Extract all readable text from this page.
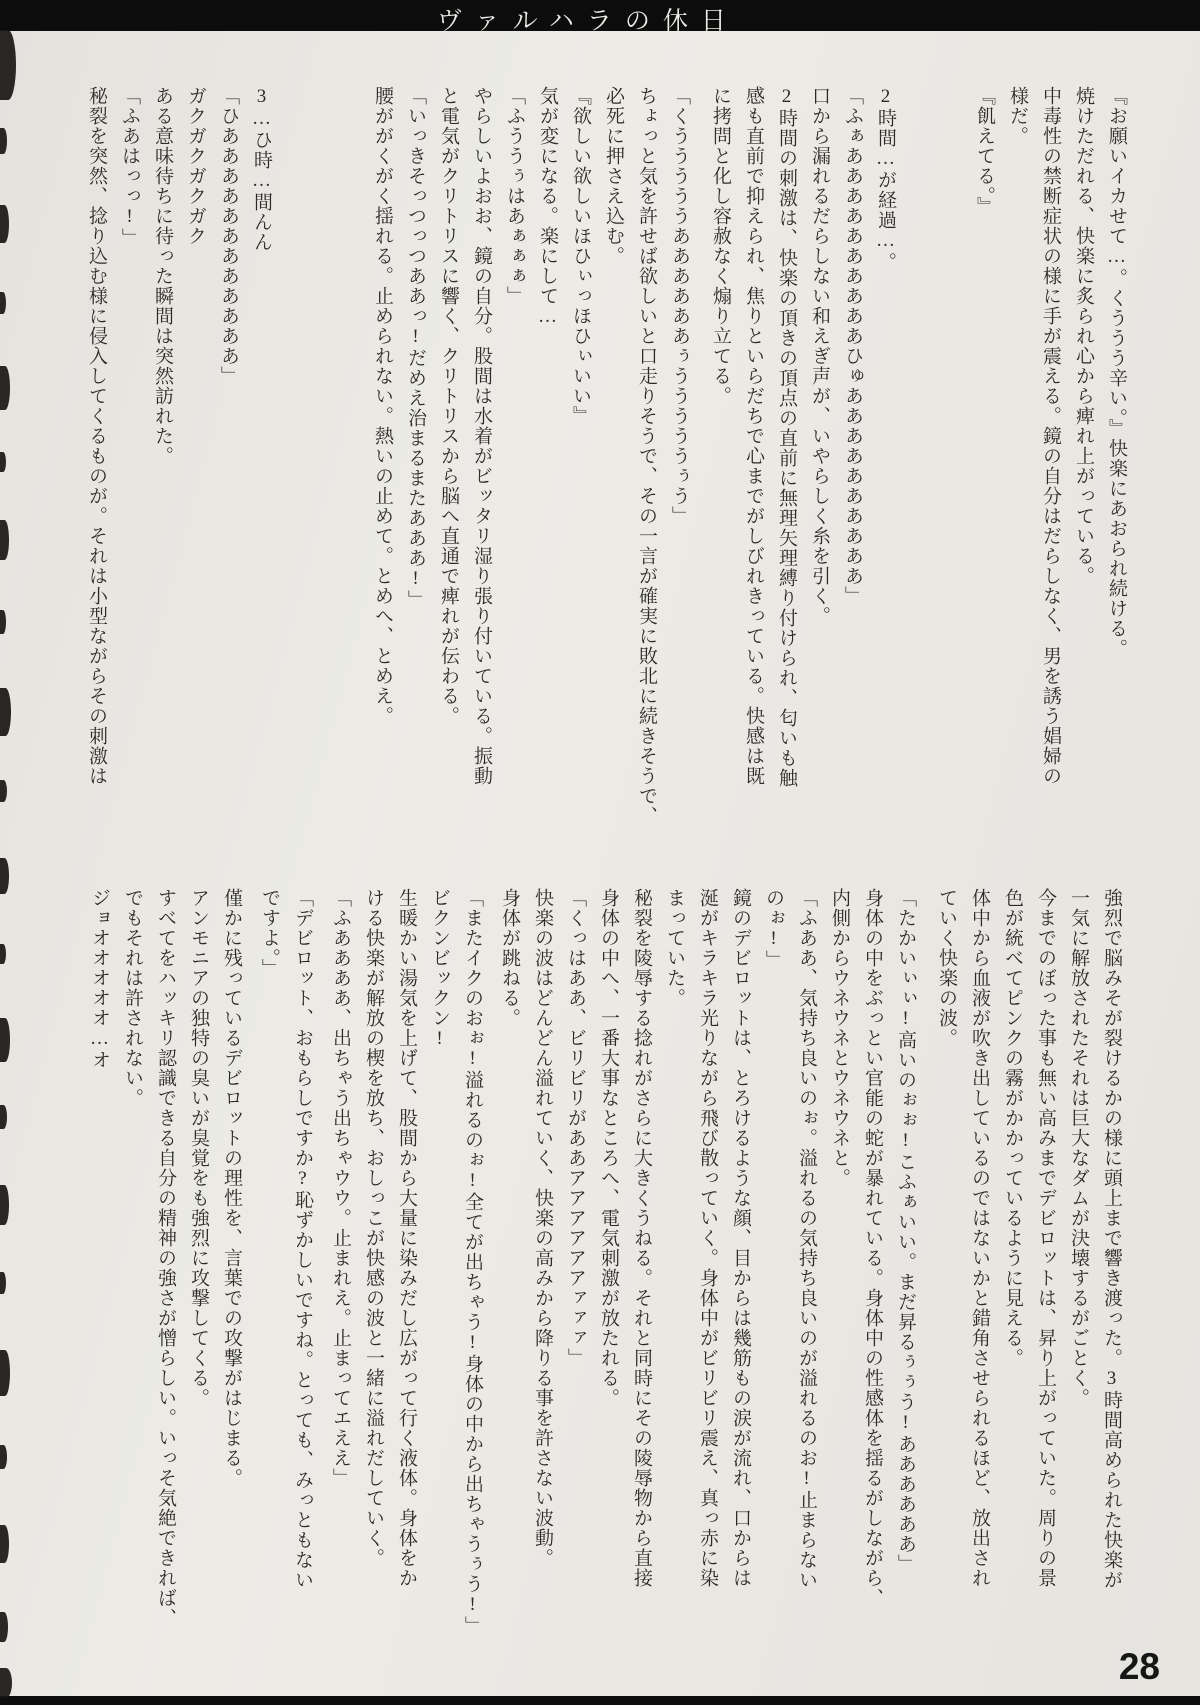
ヴァルハラの休日
『お願いイカせて…。くううう辛い。』快楽にあおられ続ける。
焼けただれる、快楽に炙られ心から痺れ上がっている。
中毒性の禁断症状の様に手が震える。鏡の自分はだらしなく、男を誘う娼婦の
様だ。
『飢えてる。』
2時間…が経過…。
「ふぁああああああああああひゅああああああああああ」
口から漏れるだらしない和えぎ声が、いやらしく糸を引く。
2時間の刺激は、快楽の頂きの頂点の直前に無理矢理縛り付けられ、匂いも触
感も直前で抑えられ、焦りといらだちで心までがしびれきっている。快感は既
に拷問と化し容赦なく煽り立てる。
「くうううううああああああぅうううううぅう」
ちょっと気を許せば欲しいと口走りそうで、その一言が確実に敗北に続きそうで、
必死に押さえ込む。
『欲しい欲しいほひぃっほひぃいい』
気が変になる。楽にして…
「ふううぅはあぁぁぁ」
やらしいよおお、鏡の自分。股間は水着がビッタリ湿り張り付いている。振動
と電気がクリトリスに響く、クリトリスから脳へ直通で痺れが伝わる。
「いっきそっつっつああっ!だめえ治まるまたあああ!」
腰ががくがく揺れる。止められない。熱いの止めて。とめへ、とめえ。
3…ひ時…間んん
「ひああああああああああああ」
ガクガクガクガク
ある意味待ちに待った瞬間は突然訪れた。
「ふあはっっ!」
秘裂を突然、捻り込む様に侵入してくるものが。それは小型ながらその刺激は
強烈で脳みそが裂けるかの様に頭上まで響き渡った。3時間高められた快楽が
一気に解放されたそれは巨大なダムが決壊するがごとく。
今までのぼった事も無い高みまでデビロットは、昇り上がっていた。周りの景
色が統べてピンクの霧がかかっているように見える。
体中から血液が吹き出しているのではないかと錯角させられるほど、放出され
ていく快楽の波。
「たかいぃぃ!高いのぉぉ!こふぁいい。まだ昇るぅぅう!ああああああ」
身体の中をぶっとい官能の蛇が暴れている。身体中の性感体を揺るがしながら、
内側からウネウネとウネウネと。
「ふああ、気持ち良いのぉ。溢れるの気持ち良いのが溢れるのお!止まらない
のぉ!」
鏡のデビロットは、とろけるような顔、目からは幾筋もの涙が流れ、口からは
涎がキラキラ光りながら飛び散っていく。身体中がビリビリ震え、真っ赤に染
まっていた。
秘裂を陵辱する捻れがさらに大きくうねる。それと同時にその陵辱物から直接
身体の中へ、一番大事なところへ、電気刺激が放たれる。
「くっはああ、ビリビリがああアアアアアアァァァ」
快楽の波はどんどん溢れていく、快楽の高みから降りる事を許さない波動。
身体が跳ねる。
「またイクのおぉ!溢れるのぉ!全てが出ちゃう!身体の中から出ちゃうぅう!」
ビクンビックン!
生暖かい湯気を上げて、股間から大量に染みだし広がって行く液体。身体をか
ける快楽が解放の楔を放ち、おしっこが快感の波と一緒に溢れだしていく。
「ふああああ、出ちゃう出ちゃウウ。止まれえ。止まってエええ」
「デビロット、おもらしですか?恥ずかしいですね。とっても、みっともない
ですよ。」
僅かに残っているデビロットの理性を、言葉での攻撃がはじまる。
アンモニアの独特の臭いが臭覚をも強烈に攻撃してくる。
すべてをハッキリ認識できる自分の精神の強さが憎らしい。いっそ気絶できれば、
でもそれは許されない。
ジョオオオオオ…オ
28
